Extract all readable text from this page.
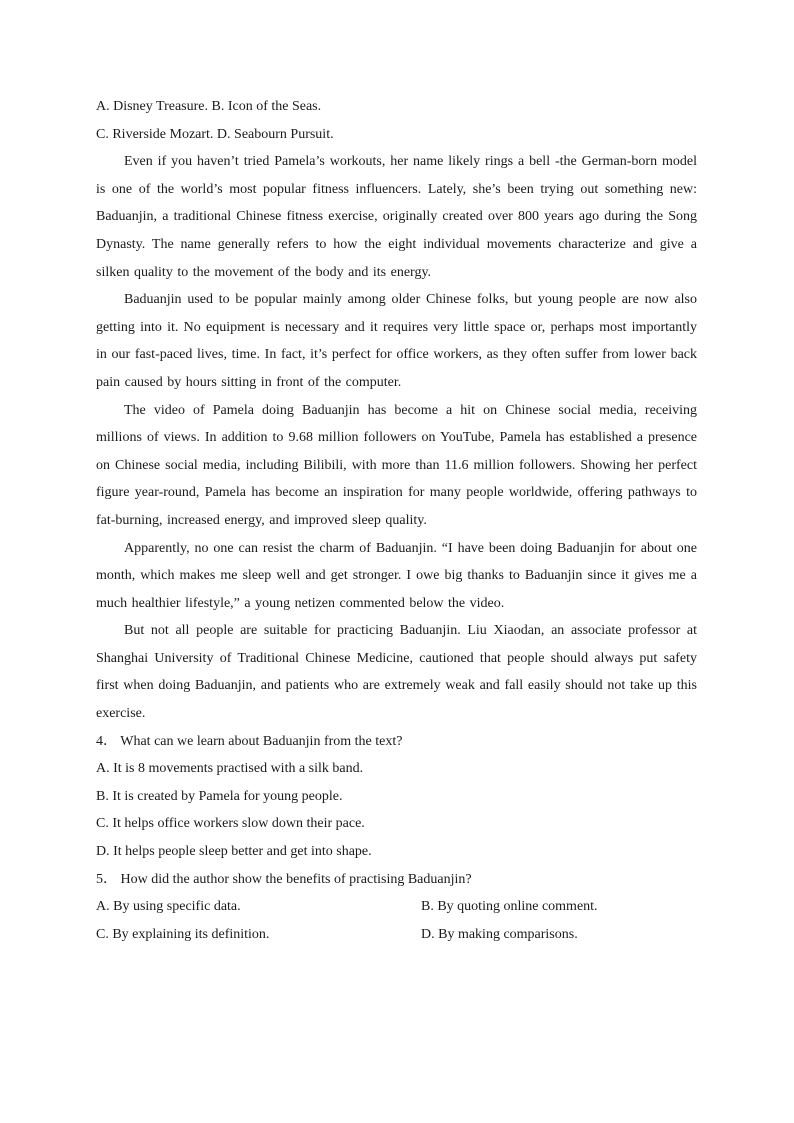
A. Disney Treasure. B. Icon of the Seas.

C. Riverside Mozart. D. Seabourn Pursuit.

Even if you haven’t tried Pamela’s workouts, her name likely rings a bell -the German-born model is one of the world’s most popular fitness influencers. Lately, she’s been trying out something new: Baduanjin, a traditional Chinese fitness exercise, originally created over 800 years ago during the Song Dynasty. The name generally refers to how the eight individual movements characterize and give a silken quality to the movement of the body and its energy.

Baduanjin used to be popular mainly among older Chinese folks, but young people are now also getting into it. No equipment is necessary and it requires very little space or, perhaps most importantly in our fast-paced lives, time. In fact, it’s perfect for office workers, as they often suffer from lower back pain caused by hours sitting in front of the computer.

The video of Pamela doing Baduanjin has become a hit on Chinese social media, receiving millions of views. In addition to 9.68 million followers on YouTube, Pamela has established a presence on Chinese social media, including Bilibili, with more than 11.6 million followers. Showing her perfect figure year-round, Pamela has become an inspiration for many people worldwide, offering pathways to fat-burning, increased energy, and improved sleep quality.

Apparently, no one can resist the charm of Baduanjin. “I have been doing Baduanjin for about one month, which makes me sleep well and get stronger. I owe big thanks to Baduanjin since it gives me a much healthier lifestyle,” a young netizen commented below the video.

But not all people are suitable for practicing Baduanjin. Liu Xiaodan, an associate professor at Shanghai University of Traditional Chinese Medicine, cautioned that people should always put safety first when doing Baduanjin, and patients who are extremely weak and fall easily should not take up this exercise.

4． What can we learn about Baduanjin from the text?

A. It is 8 movements practised with a silk band.

B. It is created by Pamela for young people.

C. It helps office workers slow down their pace.

D. It helps people sleep better and get into shape.

5． How did the author show the benefits of practising Baduanjin?

A. By using specific data.	B. By quoting online comment.
C. By explaining its definition.	D. By making comparisons.
